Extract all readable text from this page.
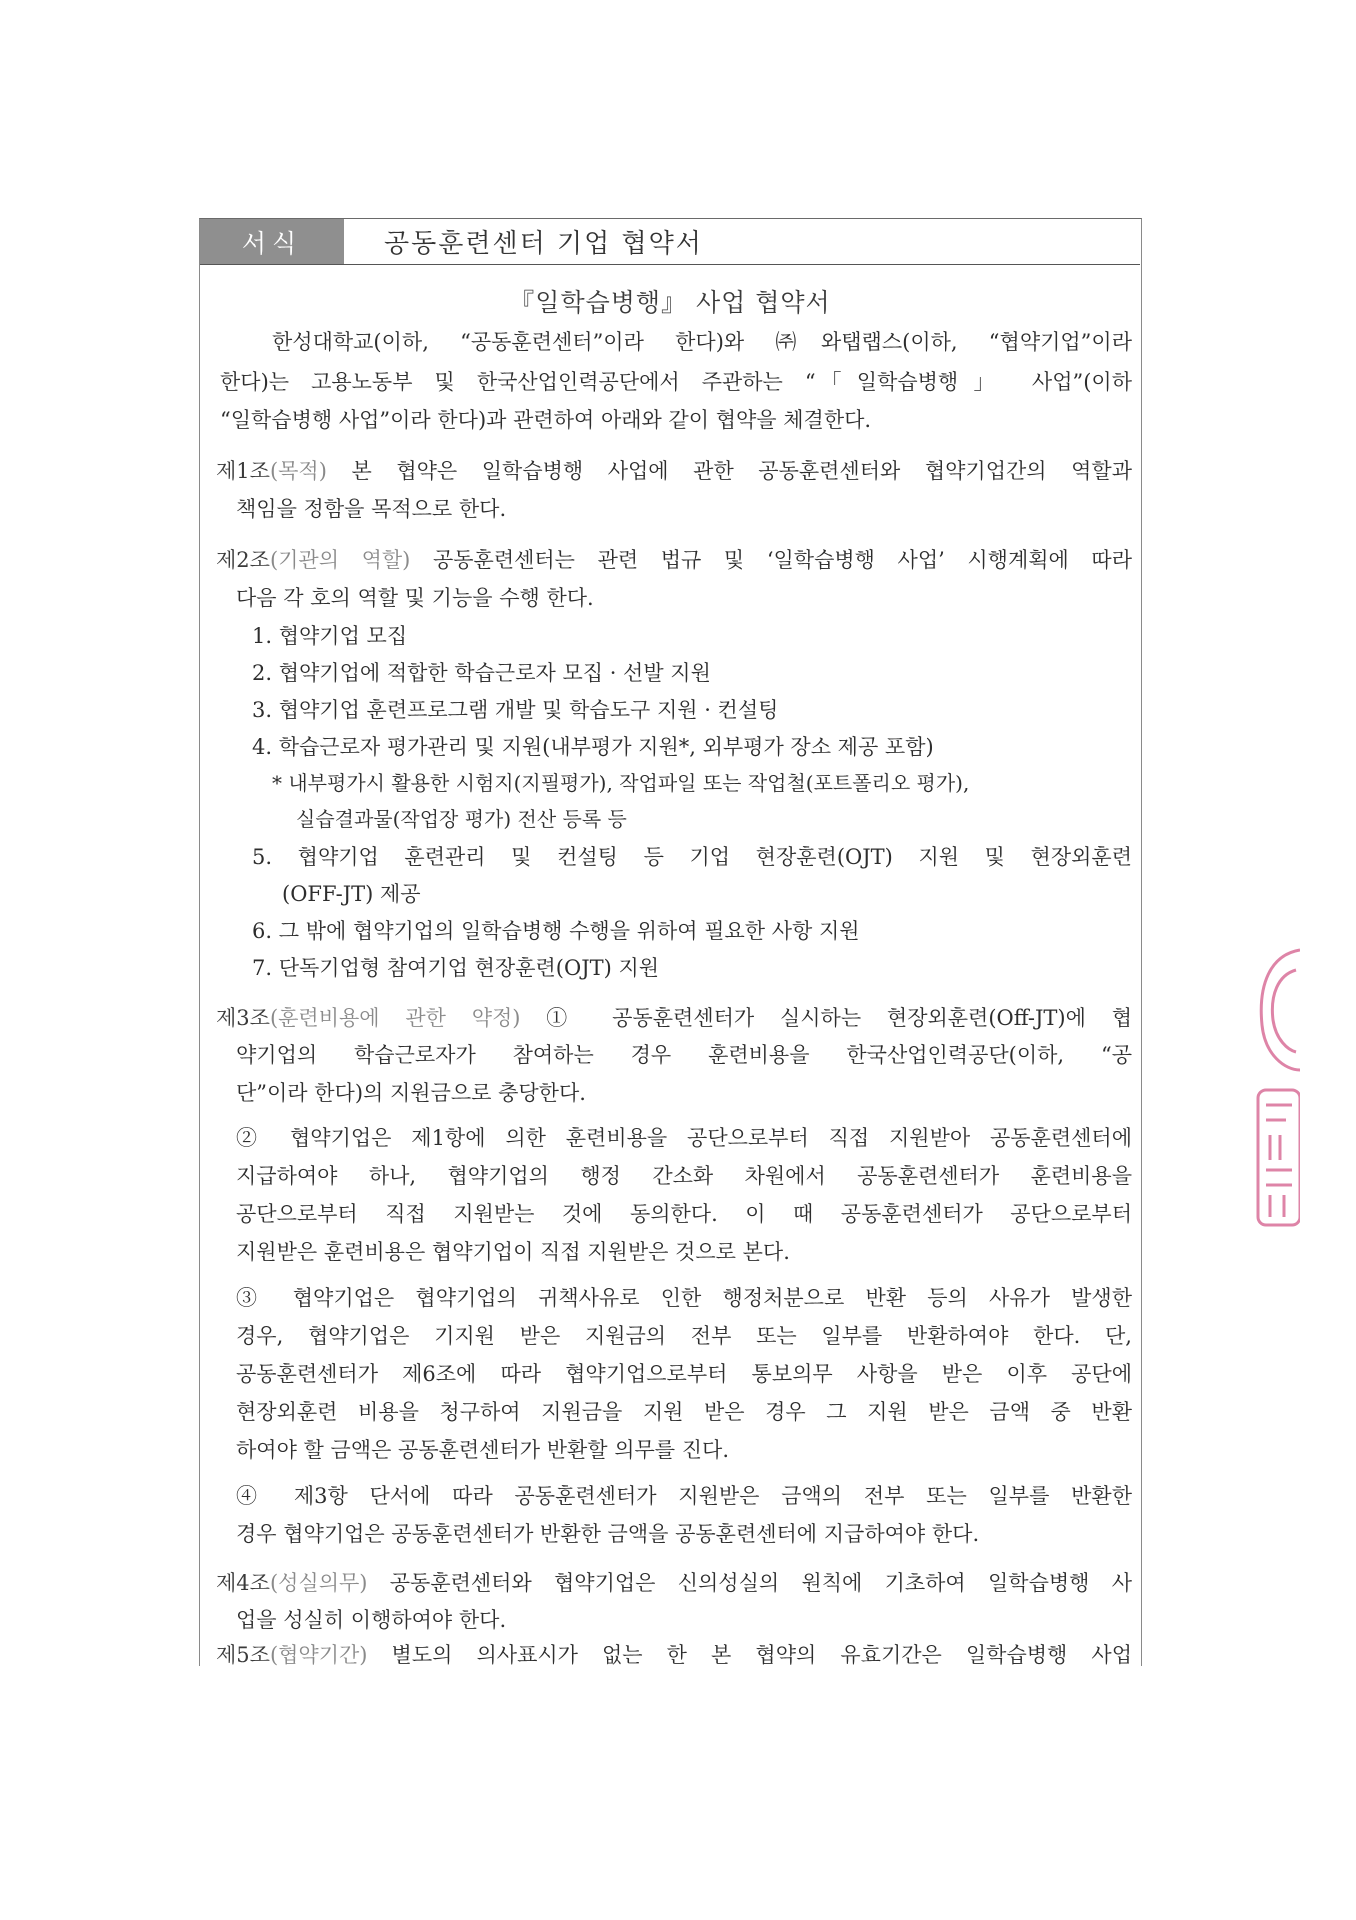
서식	공동훈련센터 기업 협약서
『일학습병행』 사업 협약서
한성대학교(이하, “공동훈련센터”이라 한다)와 ㈜와탭랩스(이하, “협약기업”이라
한다)는 고용노동부 및 한국산업인력공단에서 주관하는 “「일학습병행」 사업”(이하
“일학습병행 사업”이라 한다)과 관련하여 아래와 같이 협약을 체결한다.
제1조(목적) 본 협약은 일학습병행 사업에 관한 공동훈련센터와 협약기업간의 역할과
책임을 정함을 목적으로 한다.
제2조(기관의 역할) 공동훈련센터는 관련 법규 및 ‘일학습병행 사업’ 시행계획에 따라
다음 각 호의 역할 및 기능을 수행 한다.
1. 협약기업 모집
2. 협약기업에 적합한 학습근로자 모집 · 선발 지원
3. 협약기업 훈련프로그램 개발 및 학습도구 지원 · 컨설팅
4. 학습근로자 평가관리 및 지원(내부평가 지원*, 외부평가 장소 제공 포함)
* 내부평가시 활용한 시험지(지필평가), 작업파일 또는 작업철(포트폴리오 평가),
실습결과물(작업장 평가) 전산 등록 등
5. 협약기업 훈련관리 및 컨설팅 등 기업 현장훈련(OJT) 지원 및 현장외훈련
(OFF-JT) 제공
6. 그 밖에 협약기업의 일학습병행 수행을 위하여 필요한 사항 지원
7. 단독기업형 참여기업 현장훈련(OJT) 지원
제3조(훈련비용에 관한 약정) ① 공동훈련센터가 실시하는 현장외훈련(Off-JT)에 협
약기업의 학습근로자가 참여하는 경우 훈련비용을 한국산업인력공단(이하, “공
단”이라 한다)의 지원금으로 충당한다.
② 협약기업은 제1항에 의한 훈련비용을 공단으로부터 직접 지원받아 공동훈련센터에
지급하여야 하나, 협약기업의 행정 간소화 차원에서 공동훈련센터가 훈련비용을
공단으로부터 직접 지원받는 것에 동의한다. 이 때 공동훈련센터가 공단으로부터
지원받은 훈련비용은 협약기업이 직접 지원받은 것으로 본다.
③ 협약기업은 협약기업의 귀책사유로 인한 행정처분으로 반환 등의 사유가 발생한
경우, 협약기업은 기지원 받은 지원금의 전부 또는 일부를 반환하여야 한다. 단,
공동훈련센터가 제6조에 따라 협약기업으로부터 통보의무 사항을 받은 이후 공단에
현장외훈련 비용을 청구하여 지원금을 지원 받은 경우 그 지원 받은 금액 중 반환
하여야 할 금액은 공동훈련센터가 반환할 의무를 진다.
④ 제3항 단서에 따라 공동훈련센터가 지원받은 금액의 전부 또는 일부를 반환한
경우 협약기업은 공동훈련센터가 반환한 금액을 공동훈련센터에 지급하여야 한다.
제4조(성실의무) 공동훈련센터와 협약기업은 신의성실의 원칙에 기초하여 일학습병행 사
업을 성실히 이행하여야 한다.
제5조(협약기간) 별도의 의사표시가 없는 한 본 협약의 유효기간은 일학습병행 사업
